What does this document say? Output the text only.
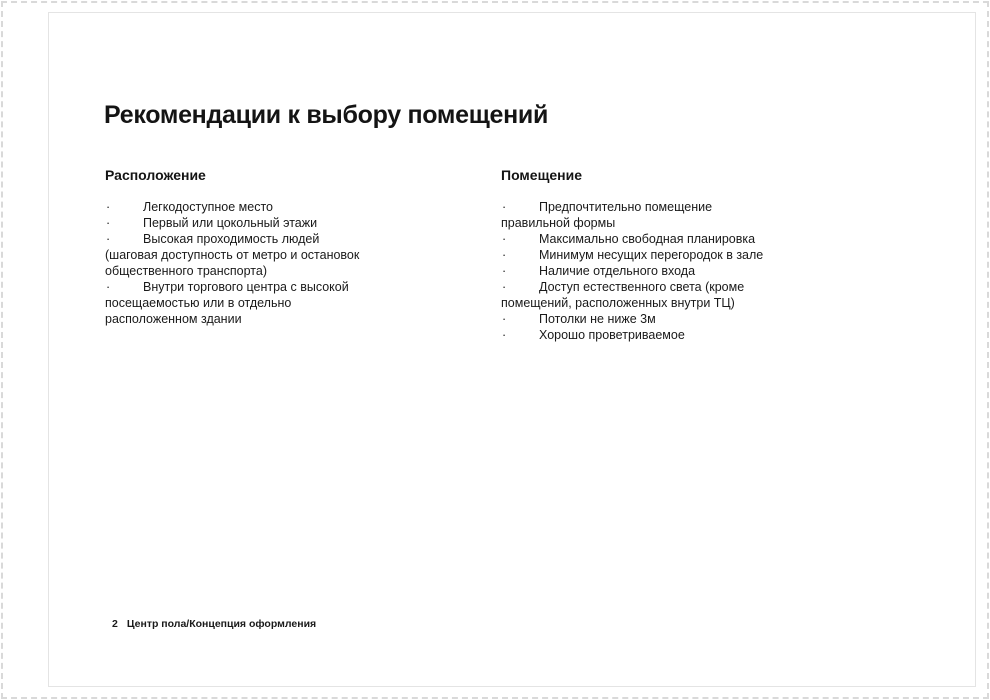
Рекомендации к выбору помещений
Расположение
·	Легкодоступное место
·	Первый или цокольный этажи
·	Высокая проходимость людей
(шаговая доступность от метро и остановок
общественного транспорта)
·	Внутри торгового центра с высокой
посещаемостью или в отдельно
расположенном здании
Помещение
·	Предпочтительно помещение
правильной формы
·	Максимально свободная планировка
·	Минимум несущих перегородок в зале
·	Наличие отдельного входа
·	Доступ естественного света (кроме
помещений, расположенных внутри ТЦ)
·	Потолки не ниже 3м
·	Хорошо проветриваемое
2 Центр пола/Концепция оформления
